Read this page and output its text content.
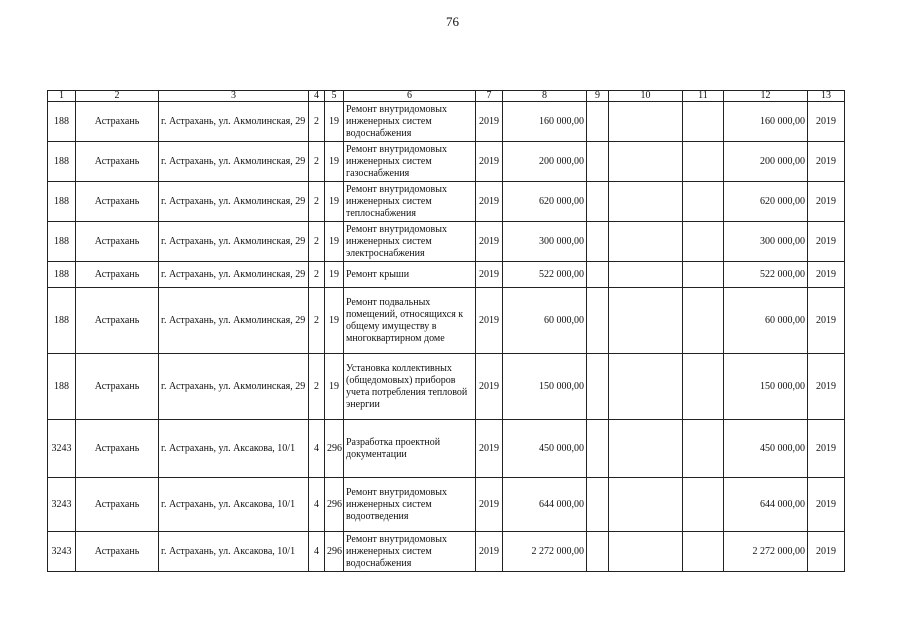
76
1	2	3	4	5	6	7	8	9	10	11	12	13
188	Астрахань	г. Астрахань, ул. Акмолинская, 29	2	19	Ремонт внутридомовых инженерных систем водоснабжения	2019	160 000,00				160 000,00	2019
188	Астрахань	г. Астрахань, ул. Акмолинская, 29	2	19	Ремонт внутридомовых инженерных систем газоснабжения	2019	200 000,00				200 000,00	2019
188	Астрахань	г. Астрахань, ул. Акмолинская, 29	2	19	Ремонт внутридомовых инженерных систем теплоснабжения	2019	620 000,00				620 000,00	2019
188	Астрахань	г. Астрахань, ул. Акмолинская, 29	2	19	Ремонт внутридомовых инженерных систем электроснабжения	2019	300 000,00				300 000,00	2019
188	Астрахань	г. Астрахань, ул. Акмолинская, 29	2	19	Ремонт крыши	2019	522 000,00				522 000,00	2019
188	Астрахань	г. Астрахань, ул. Акмолинская, 29	2	19	Ремонт подвальных помещений, относящихся к общему имуществу в многоквартирном доме	2019	60 000,00				60 000,00	2019
188	Астрахань	г. Астрахань, ул. Акмолинская, 29	2	19	Установка коллективных (общедомовых) приборов учета потребления тепловой энергии	2019	150 000,00				150 000,00	2019
3243	Астрахань	г. Астрахань, ул. Аксакова, 10/1	4	296	Разработка проектной документации	2019	450 000,00				450 000,00	2019
3243	Астрахань	г. Астрахань, ул. Аксакова, 10/1	4	296	Ремонт внутридомовых инженерных систем водоотведения	2019	644 000,00				644 000,00	2019
3243	Астрахань	г. Астрахань, ул. Аксакова, 10/1	4	296	Ремонт внутридомовых инженерных систем водоснабжения	2019	2 272 000,00				2 272 000,00	2019
